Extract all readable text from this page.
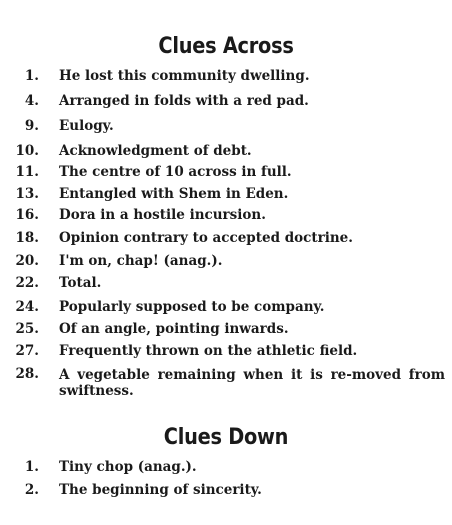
Clues Across
1. He lost this community dwelling.
4. Arranged in folds with a red pad.
9. Eulogy.
10. Acknowledgment of debt.
11. The centre of 10 across in full.
13. Entangled with Shem in Eden.
16. Dora in a hostile incursion.
18. Opinion contrary to accepted doctrine.
20. I'm on, chap! (anag.).
22. Total.
24. Popularly supposed to be company.
25. Of an angle, pointing inwards.
27. Frequently thrown on the athletic field.
28. A vegetable remaining when it is re-moved from swiftness.
Clues Down
1. Tiny chop (anag.).
2. The beginning of sincerity.
